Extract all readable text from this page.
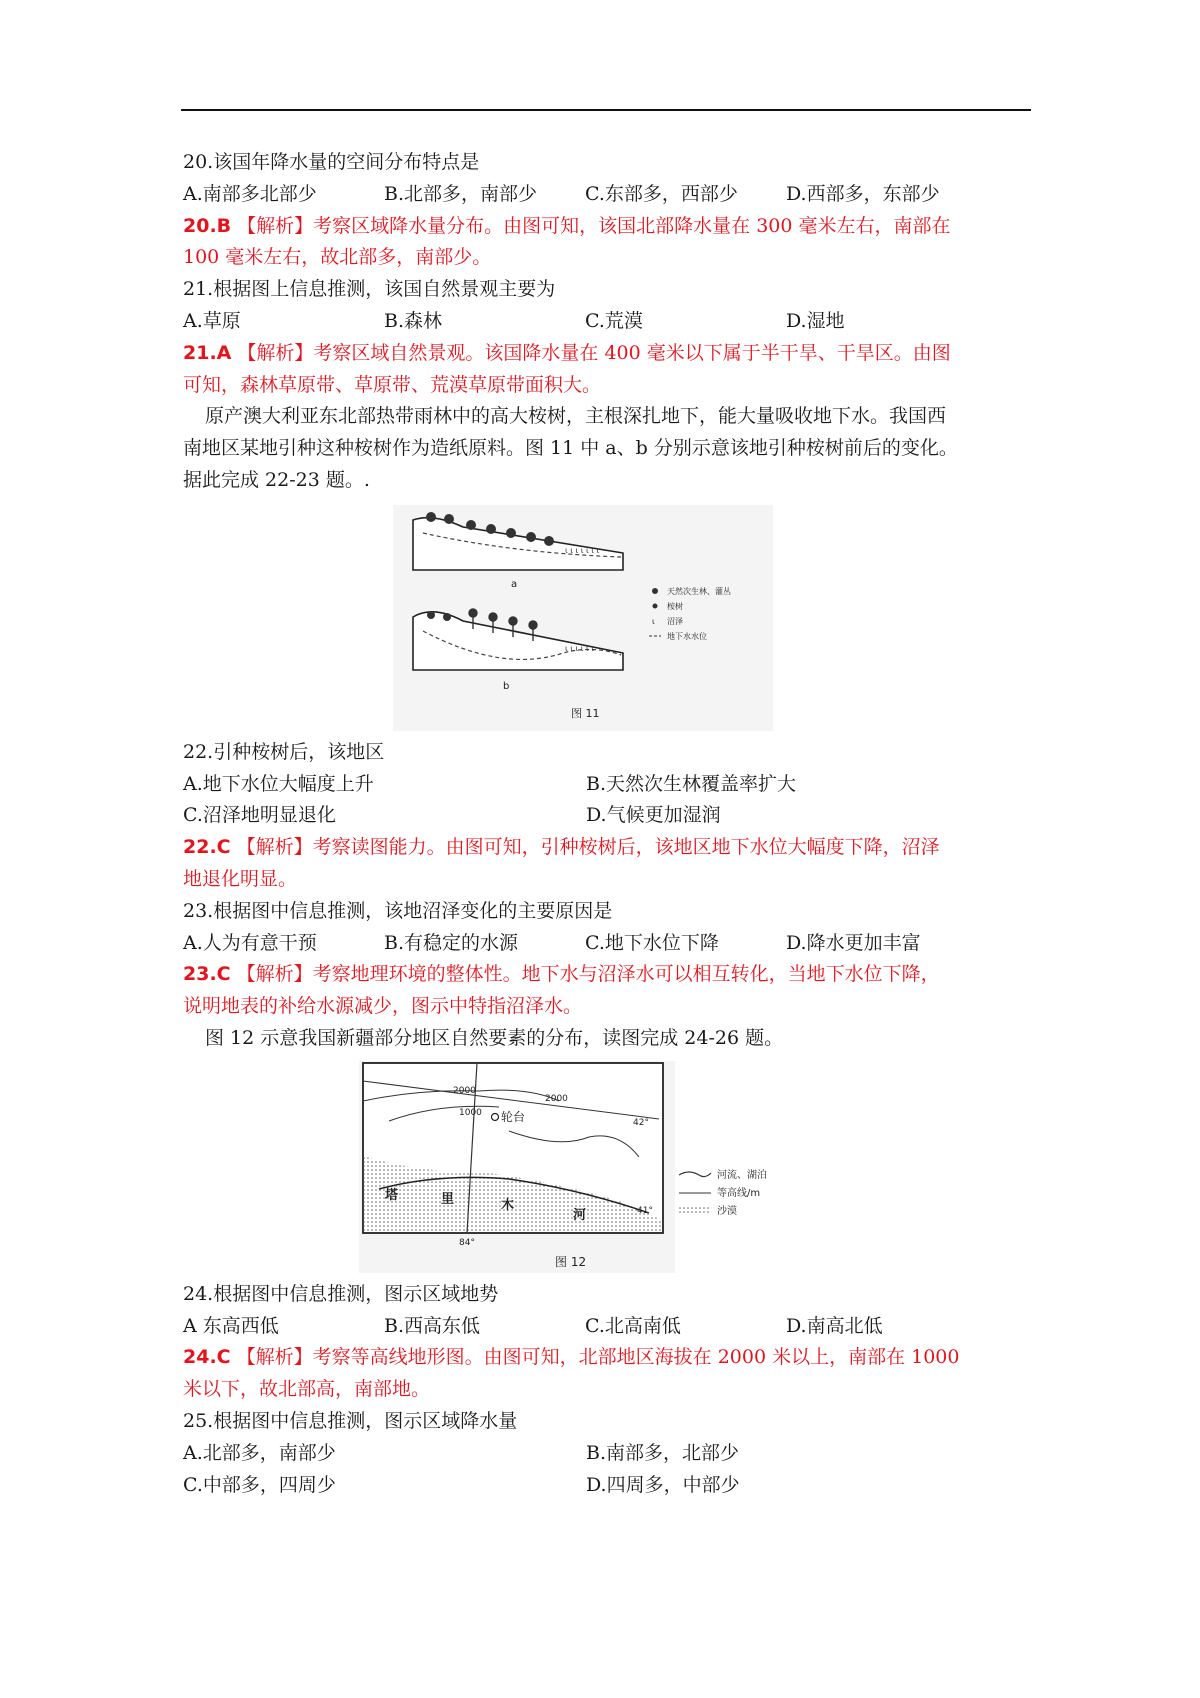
20.该国年降水量的空间分布特点是
A.南部多北部少	B.北部多，南部少	C.东部多，西部少	D.西部多，东部少
20.B 【解析】考察区域降水量分布。由图可知，该国北部降水量在 300 毫米左右，南部在
100 毫米左右，故北部多，南部少。
21.根据图上信息推测，该国自然景观主要为
A.草原	B.森林	C.荒漠	D.湿地
21.A 【解析】考察区域自然景观。该国降水量在 400 毫米以下属于半干旱、干旱区。由图
可知，森林草原带、草原带、荒漠草原带面积大。
原产澳大利亚东北部热带雨林中的高大桉树，主根深扎地下，能大量吸收地下水。我国西
南地区某地引种这种桉树作为造纸原料。图 11 中 a、b 分别示意该地引种桉树前后的变化。
据此完成 22-23 题。.
ι ι ι ι ι ι ι
a
ι ι ι ι ι ι
b
天然次生林、灌丛
桉树
ι 沼泽
地下水水位
图 11
22.引种桉树后，该地区
A.地下水位大幅度上升	B.天然次生林覆盖率扩大
C.沼泽地明显退化	D.气候更加湿润
22.C 【解析】考察读图能力。由图可知，引种桉树后，该地区地下水位大幅度下降，沼泽
地退化明显。
23.根据图中信息推测，该地沼泽变化的主要原因是
A.人为有意干预	B.有稳定的水源	C.地下水位下降	D.降水更加丰富
23.C 【解析】考察地理环境的整体性。地下水与沼泽水可以相互转化，当地下水位下降，
说明地表的补给水源减少，图示中特指沼泽水。
图 12 示意我国新疆部分地区自然要素的分布，读图完成 24-26 题。
2000
1000
2000
42°
41°
84°
轮台
塔	里	木
河
图 12
河流、湖泊
等高线/m
沙漠
24.根据图中信息推测，图示区域地势
A 东高西低	B.西高东低	C.北高南低	D.南高北低
24.C 【解析】考察等高线地形图。由图可知，北部地区海拔在 2000 米以上，南部在 1000
米以下，故北部高，南部地。
25.根据图中信息推测，图示区域降水量
A.北部多，南部少	B.南部多，北部少
C.中部多，四周少	D.四周多，中部少
